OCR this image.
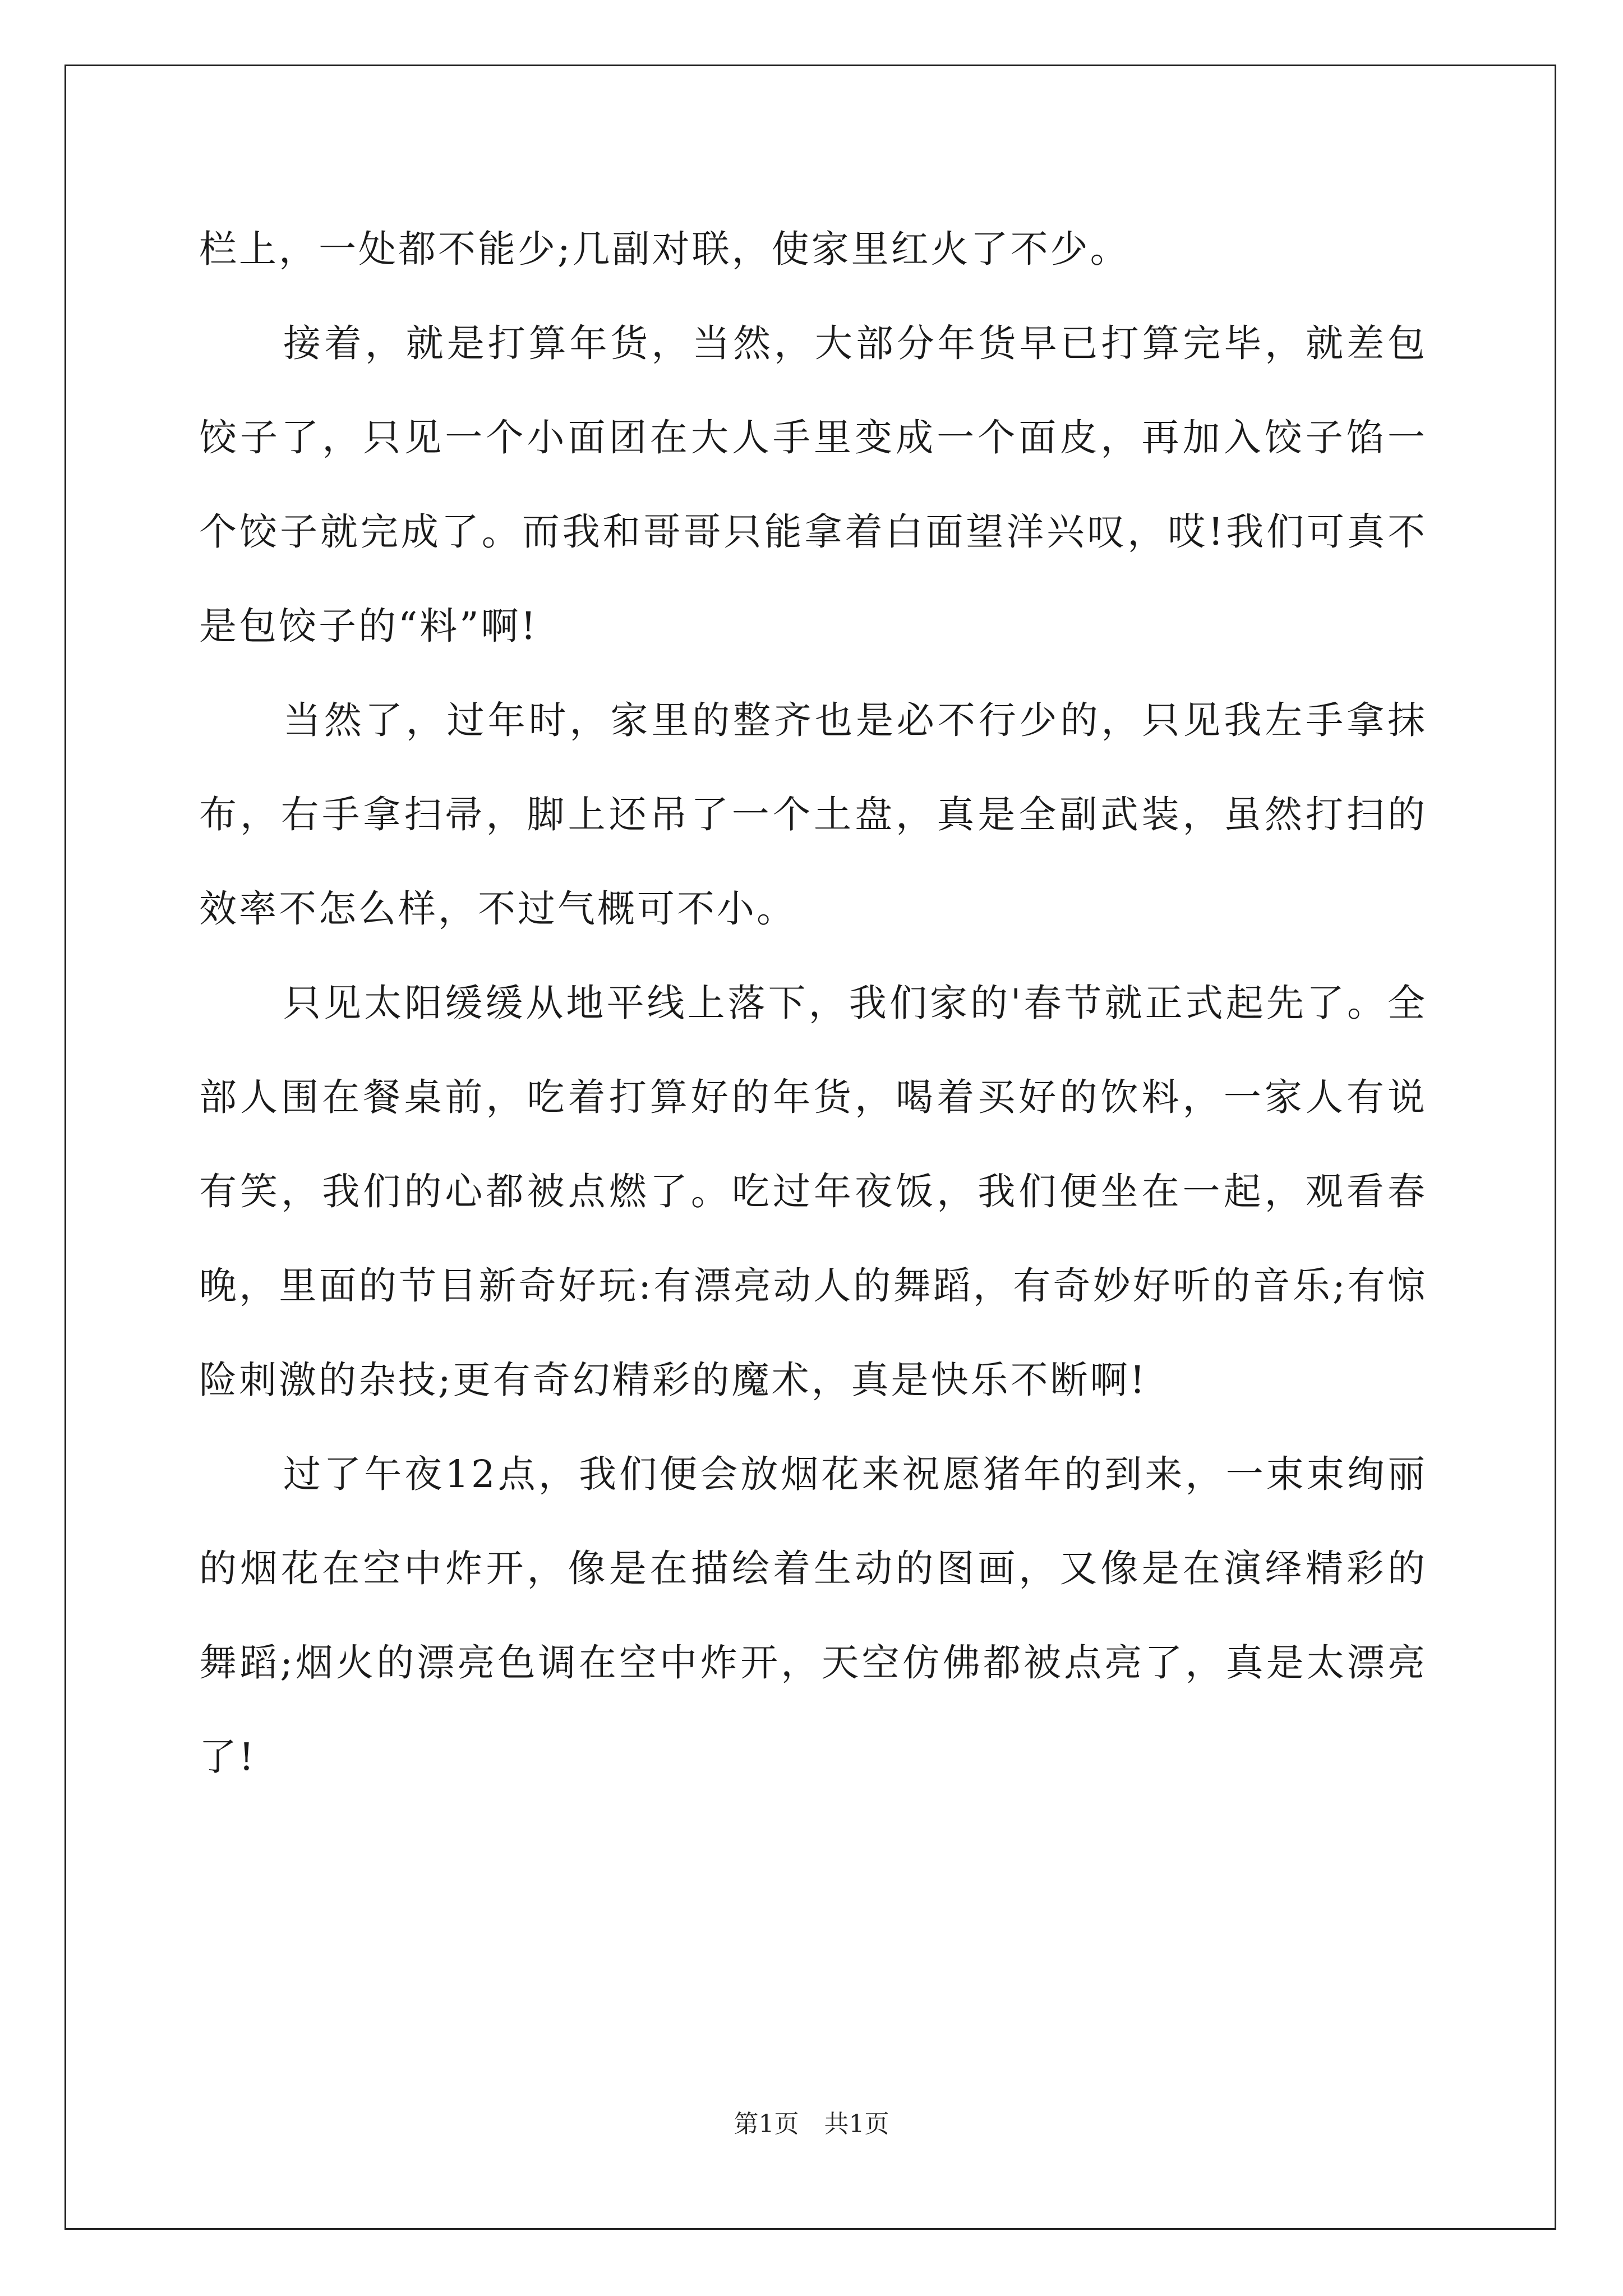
栏上，一处都不能少;几副对联，使家里红火了不少。

接着，就是打算年货，当然，大部分年货早已打算完毕，就差包饺子了，只见一个小面团在大人手里变成一个面皮，再加入饺子馅一个饺子就完成了。而我和哥哥只能拿着白面望洋兴叹，哎!我们可真不是包饺子的“料”啊!

当然了，过年时，家里的整齐也是必不行少的，只见我左手拿抹布，右手拿扫帚，脚上还吊了一个土盘，真是全副武装，虽然打扫的效率不怎么样，不过气概可不小。

只见太阳缓缓从地平线上落下，我们家的'春节就正式起先了。全部人围在餐桌前，吃着打算好的年货，喝着买好的饮料，一家人有说有笑，我们的心都被点燃了。吃过年夜饭，我们便坐在一起，观看春晚，里面的节目新奇好玩:有漂亮动人的舞蹈，有奇妙好听的音乐;有惊险刺激的杂技;更有奇幻精彩的魔术，真是快乐不断啊!

过了午夜12点，我们便会放烟花来祝愿猪年的到来，一束束绚丽的烟花在空中炸开，像是在描绘着生动的图画，又像是在演绎精彩的舞蹈;烟火的漂亮色调在空中炸开，天空仿佛都被点亮了，真是太漂亮了!

第1页 共1页
